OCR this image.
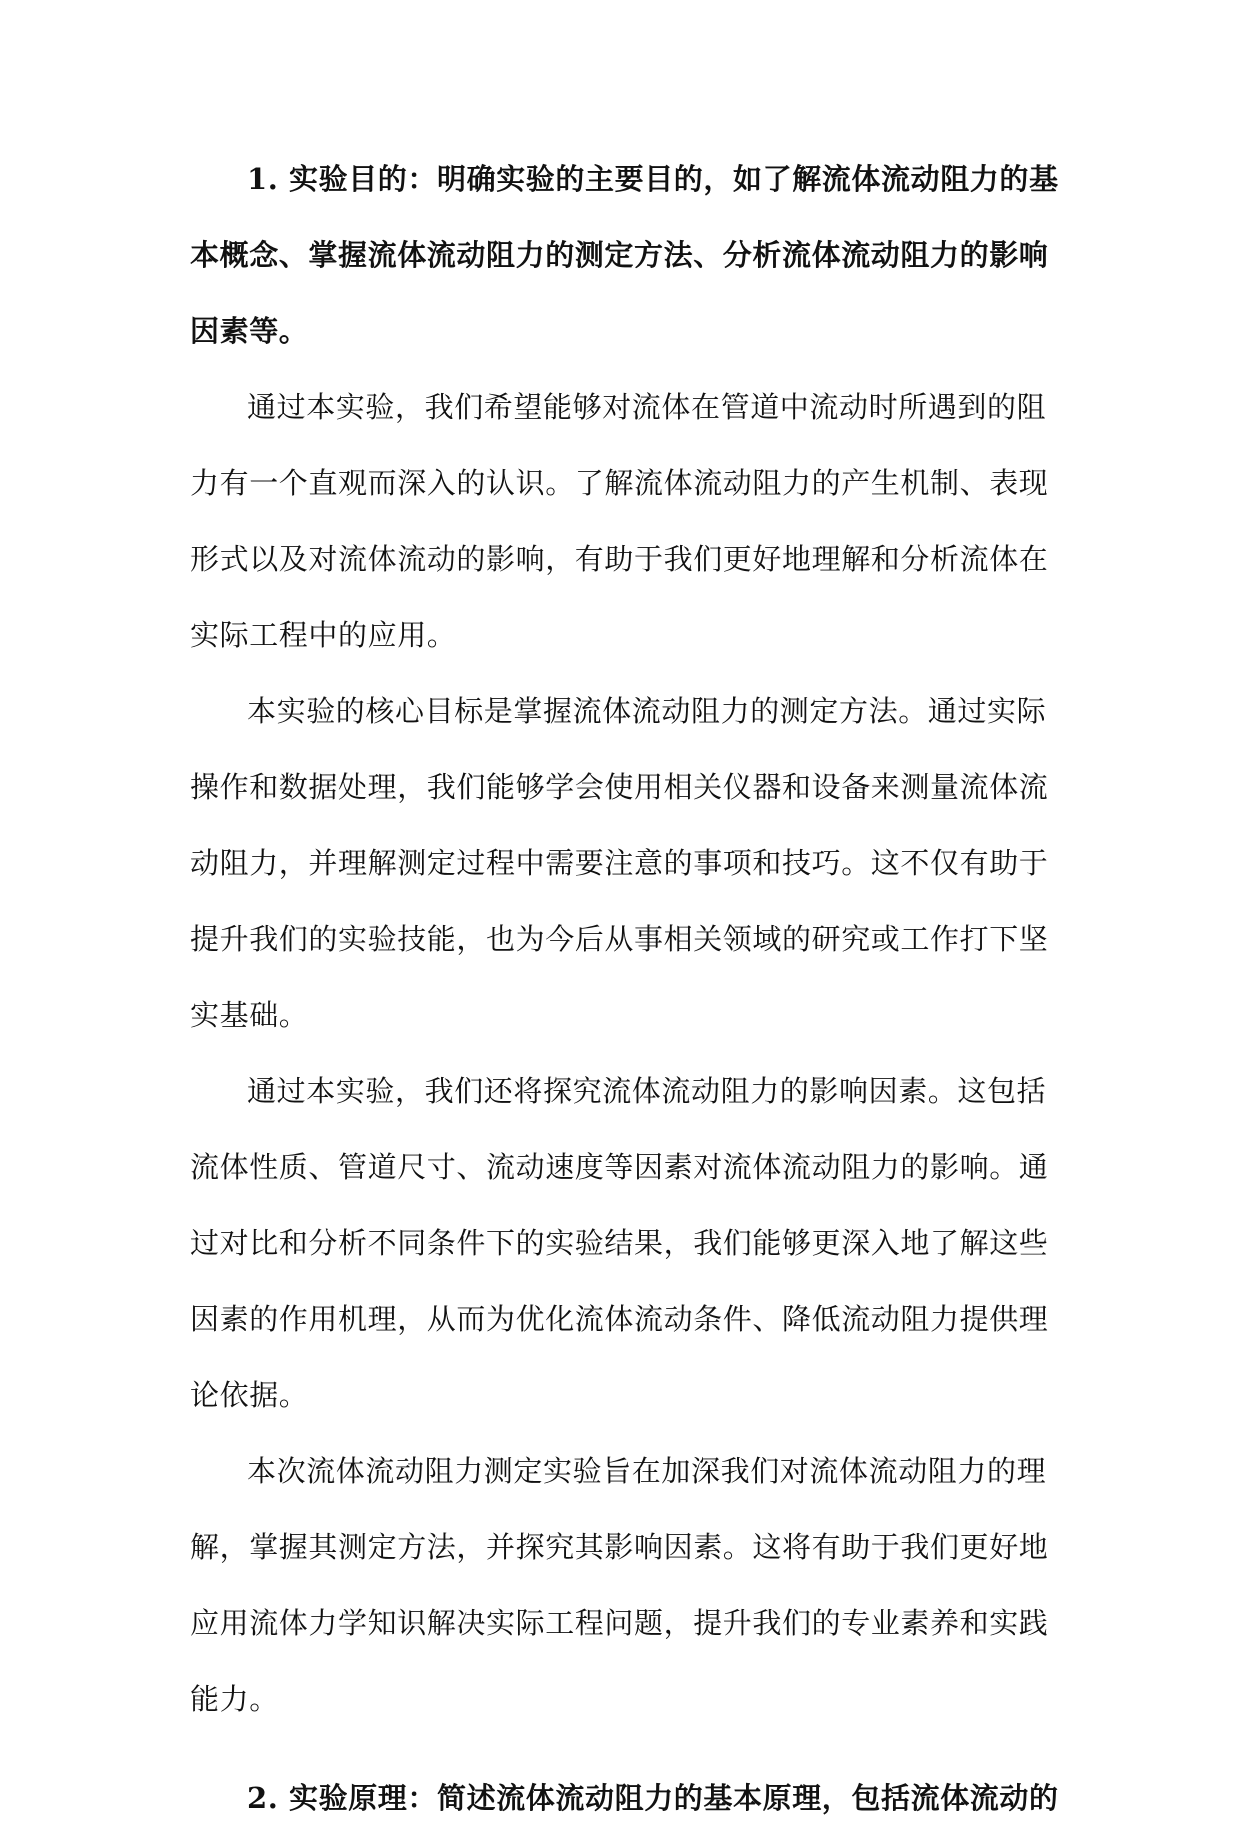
1. 实验目的：明确实验的主要目的，如了解流体流动阻力的基本概念、掌握流体流动阻力的测定方法、分析流体流动阻力的影响因素等。

通过本实验，我们希望能够对流体在管道中流动时所遇到的阻力有一个直观而深入的认识。了解流体流动阻力的产生机制、表现形式以及对流体流动的影响，有助于我们更好地理解和分析流体在实际工程中的应用。

本实验的核心目标是掌握流体流动阻力的测定方法。通过实际操作和数据处理，我们能够学会使用相关仪器和设备来测量流体流动阻力，并理解测定过程中需要注意的事项和技巧。这不仅有助于提升我们的实验技能，也为今后从事相关领域的研究或工作打下坚实基础。

通过本实验，我们还将探究流体流动阻力的影响因素。这包括流体性质、管道尺寸、流动速度等因素对流体流动阻力的影响。通过对比和分析不同条件下的实验结果，我们能够更深入地了解这些因素的作用机理，从而为优化流体流动条件、降低流动阻力提供理论依据。

本次流体流动阻力测定实验旨在加深我们对流体流动阻力的理解，掌握其测定方法，并探究其影响因素。这将有助于我们更好地应用流体力学知识解决实际工程问题，提升我们的专业素养和实践能力。

2. 实验原理：简述流体流动阻力的基本原理，包括流体流动的
